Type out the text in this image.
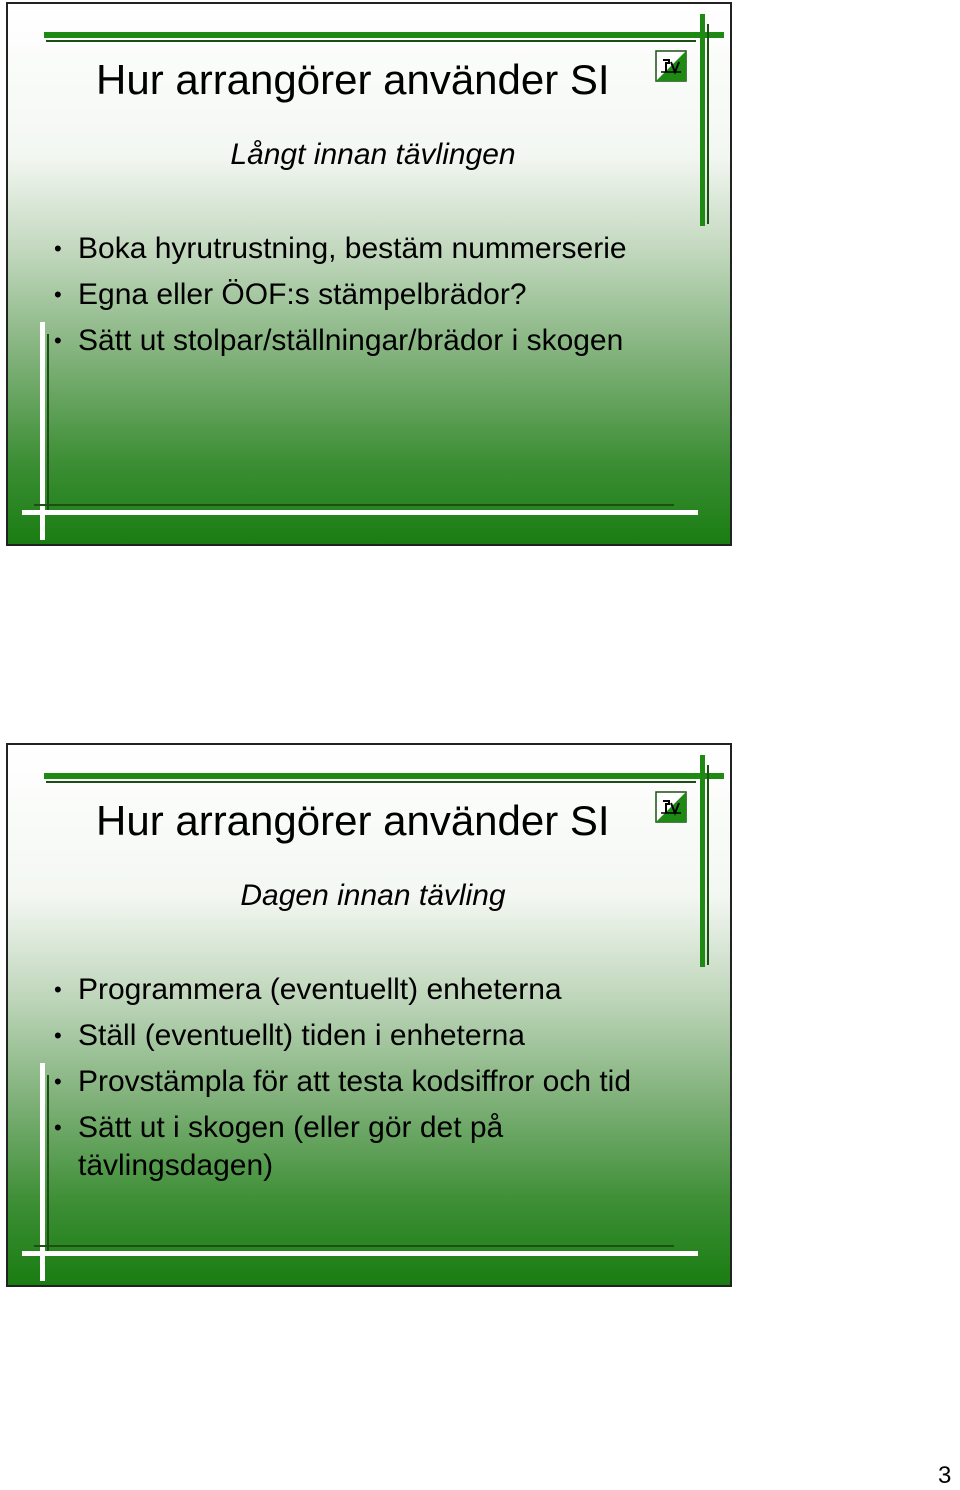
Hur arrangörer använder SI

Långt innan tävlingen

• Boka hyrutrustning, bestäm nummerserie
• Egna eller ÖOF:s stämpelbrädor?
• Sätt ut stolpar/ställningar/brädor i skogen
Hur arrangörer använder SI

Dagen innan tävling

• Programmera (eventuellt) enheterna
• Ställ (eventuellt) tiden i enheterna
• Provstämpla för att testa kodsiffror och tid
• Sätt ut i skogen (eller gör det på tävlingsdagen)
3
